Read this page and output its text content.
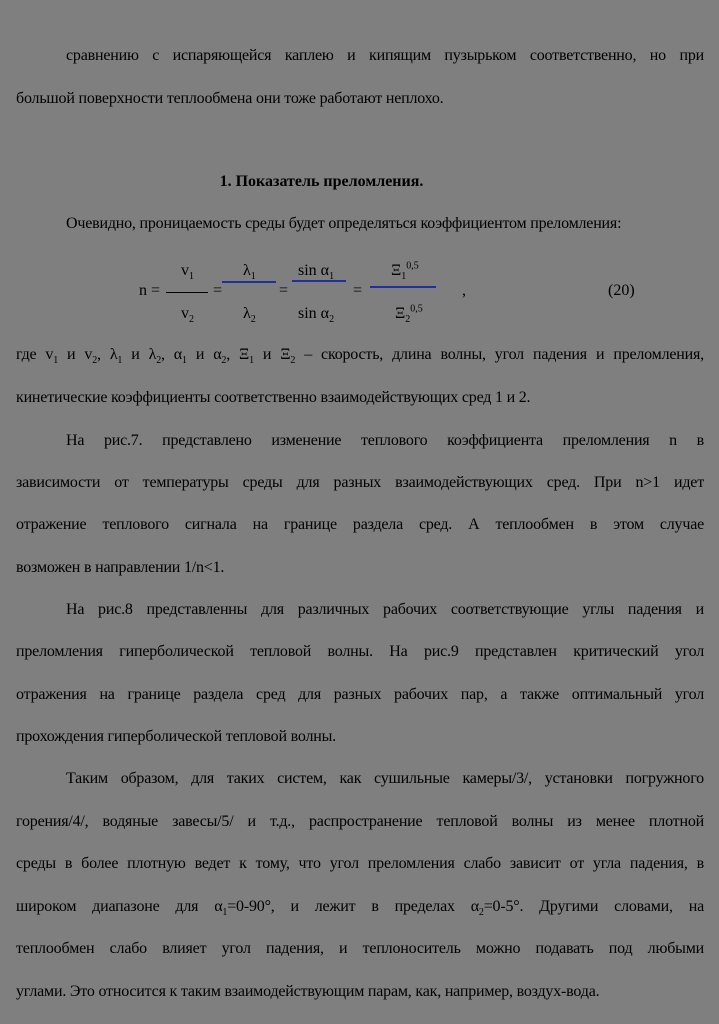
сравнению с испаряющейся каплею и кипящим пузырьком соответственно, но при
большой поверхности теплообмена они тоже работают неплохо.
1. Показатель преломления.
Очевидно, проницаемость среды будет определяться коэффициентом преломления:
n =
$v_1$
$v_2$
=
$\lambda_1$
$\lambda_2$
=
$\sin \alpha_1$
$\sin \alpha_2$
=
$\Xi_1^{0,5}$
$\Xi_2^{0,5}$
,	(20)
где $v_1$ и $v_2$, $\lambda_1$ и $\lambda_2$, $\alpha_1$ и $\alpha_2$, $\Xi_1$ и $\Xi_2$ – скорость, длина волны, угол падения и преломления,
кинетические коэффициенты соответственно взаимодействующих сред 1 и 2.
На рис.7. представлено изменение теплового коэффициента преломления n в
зависимости от температуры среды для разных взаимодействующих сред. При n>1 идет
отражение теплового сигнала на границе раздела сред. А теплообмен в этом случае
возможен в направлении 1/n<1.
На рис.8 представленны для различных рабочих соответствующие углы падения и
преломления гиперболической тепловой волны. На рис.9 представлен критический угол
отражения на границе раздела сред для разных рабочих пар, а также оптимальный угол
прохождения гиперболической тепловой волны.
Таким образом, для таких систем, как сушильные камеры/3/, установки погружного
горения/4/, водяные завесы/5/ и т.д., распространение тепловой волны из менее плотной
среды в более плотную ведет к тому, что угол преломления слабо зависит от угла падения, в
широком диапазоне для $\alpha_1=0-90^\circ$, и лежит в пределах $\alpha_2=0-5^\circ$. Другими словами, на
теплообмен слабо влияет угол падения, и теплоноситель можно подавать под любыми
углами. Это относится к таким взаимодействующим парам, как, например, воздух-вода.
